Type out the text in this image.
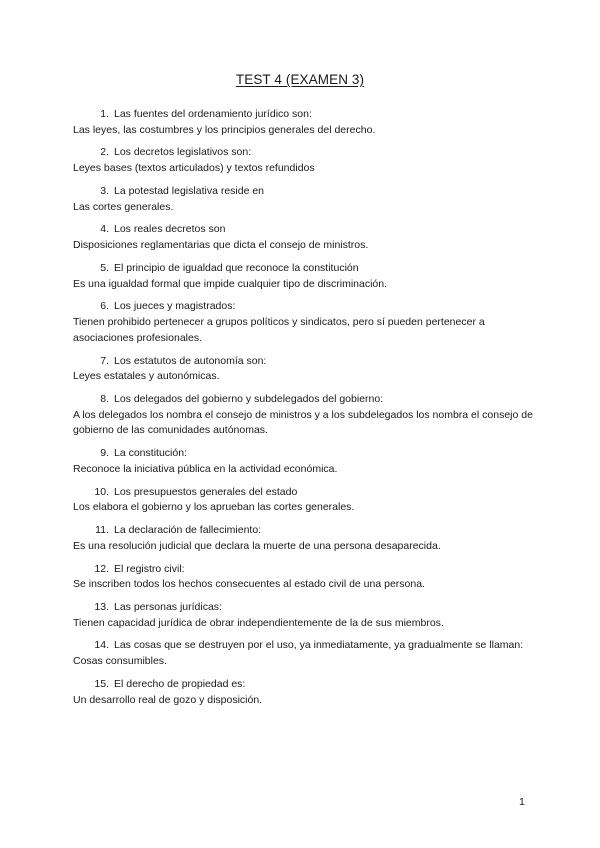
TEST 4 (EXAMEN 3)
1. Las fuentes del ordenamiento jurídico son:
Las leyes, las costumbres y los principios generales del derecho.
2. Los decretos legislativos son:
Leyes bases (textos articulados) y textos refundidos
3. La potestad legislativa reside en
Las cortes generales.
4. Los reales decretos son
Disposiciones reglamentarias que dicta el consejo de ministros.
5. El principio de igualdad que reconoce la constitución
Es una igualdad formal que impide cualquier tipo de discriminación.
6. Los jueces y magistrados:
Tienen prohibido pertenecer a grupos políticos y sindicatos, pero sí pueden pertenecer a asociaciones profesionales.
7. Los estatutos de autonomía son:
Leyes estatales y autonómicas.
8. Los delegados del gobierno y subdelegados del gobierno:
A los delegados los nombra el consejo de ministros y a los subdelegados los nombra el consejo de gobierno de las comunidades autónomas.
9. La constitución:
Reconoce la iniciativa pública en la actividad económica.
10. Los presupuestos generales del estado
Los elabora el gobierno y los aprueban las cortes generales.
11. La declaración de fallecimiento:
Es una resolución judicial que declara la muerte de una persona desaparecida.
12. El registro civil:
Se inscriben todos los hechos consecuentes al estado civil de una persona.
13. Las personas jurídicas:
Tienen capacidad jurídica de obrar independientemente de la de sus miembros.
14. Las cosas que se destruyen por el uso, ya inmediatamente, ya gradualmente se llaman:
Cosas consumibles.
15. El derecho de propiedad es:
Un desarrollo real de gozo y disposición.
1
